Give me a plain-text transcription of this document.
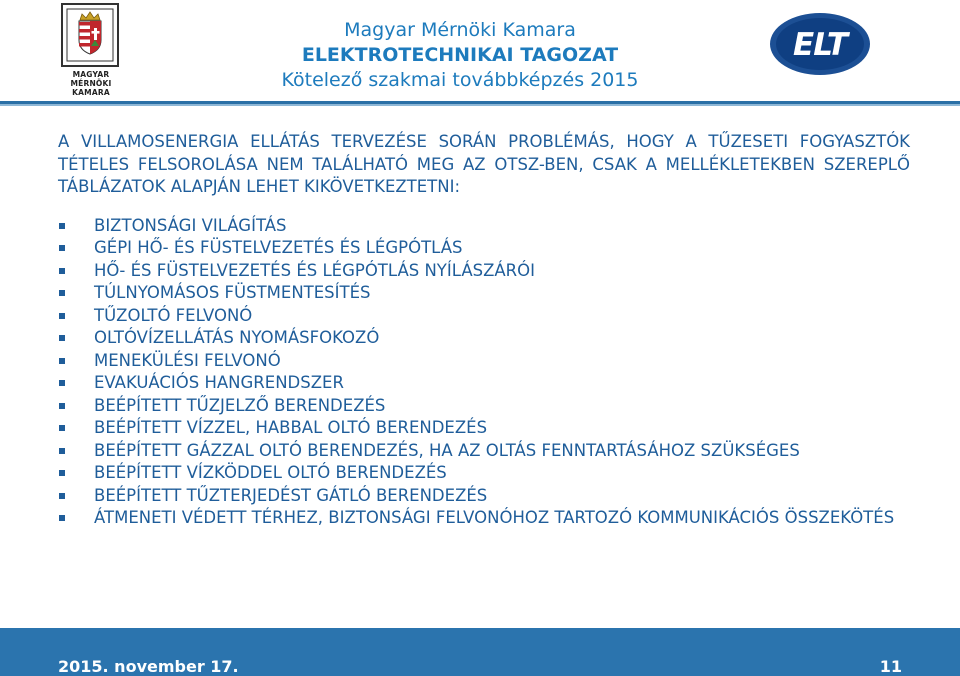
MAGYAR MÉRNÖKI KAMARA
Magyar Mérnöki Kamara
ELEKTROTECHNIKAI TAGOZAT
Kötelező szakmai továbbképzés 2015
ELT

A VILLAMOSENERGIA ELLÁTÁS TERVEZÉSE SORÁN PROBLÉMÁS, HOGY A TŰZESETI FOGYASZTÓK TÉTELES FELSOROLÁSA NEM TALÁLHATÓ MEG AZ OTSZ-BEN, CSAK A MELLÉKLETEKBEN SZEREPLŐ TÁBLÁZATOK ALAPJÁN LEHET KIKÖVETKEZTETNI:

BIZTONSÁGI VILÁGÍTÁS
GÉPI HŐ- ÉS FÜSTELVEZETÉS ÉS LÉGPÓTLÁS
HŐ- ÉS FÜSTELVEZETÉS ÉS LÉGPÓTLÁS NYÍLÁSZÁRÓI
TÚLNYOMÁSOS FÜSTMENTESÍTÉS
TŰZOLTÓ FELVONÓ
OLTÓVÍZELLÁTÁS NYOMÁSFOKOZÓ
MENEKÜLÉSI FELVONÓ
EVAKUÁCIÓS HANGRENDSZER
BEÉPÍTETT TŰZJELZŐ BERENDEZÉS
BEÉPÍTETT VÍZZEL, HABBAL OLTÓ BERENDEZÉS
BEÉPÍTETT GÁZZAL OLTÓ BERENDEZÉS, HA AZ OLTÁS FENNTARTÁSÁHOZ SZÜKSÉGES
BEÉPÍTETT VÍZKÖDDEL OLTÓ BERENDEZÉS
BEÉPÍTETT TŰZTERJEDÉST GÁTLÓ BERENDEZÉS
ÁTMENETI VÉDETT TÉRHEZ, BIZTONSÁGI FELVONÓHOZ TARTOZÓ KOMMUNIKÁCIÓS ÖSSZEKÖTÉS
2015. november 17.	11
